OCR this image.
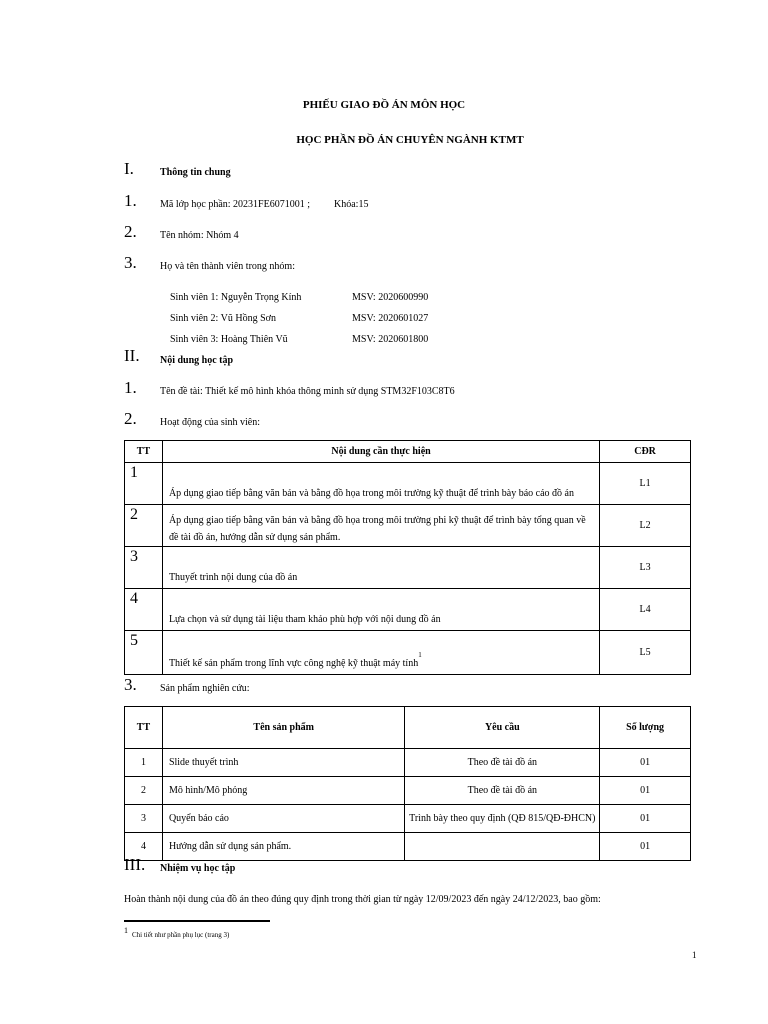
PHIẾU GIAO ĐỒ ÁN MÔN HỌC
HỌC PHẦN ĐỒ ÁN CHUYÊN NGÀNH KTMT
I.	Thông tin chung
1. Mã lớp học phần: 20231FE6071001 ; Khóa:15
2. Tên nhóm: Nhóm 4
3. Họ và tên thành viên trong nhóm:
Sinh viên 1: Nguyễn Trọng Kính	MSV: 2020600990
Sinh viên 2: Vũ Hồng Sơn	MSV: 2020601027
Sinh viên 3: Hoàng Thiên Vũ	MSV: 2020601800
II. Nội dung học tập
1. Tên đề tài: Thiết kế mô hình khóa thông minh sử dụng STM32F103C8T6
2. Hoạt động của sinh viên:
TT	Nội dung cần thực hiện	CĐR

1	Áp dụng giao tiếp bằng văn bản và bằng đồ họa trong môi trường kỹ thuật để trình bày báo cáo đồ án	L1

2	Áp dụng giao tiếp bằng văn bản và bằng đồ họa trong môi trường phi kỹ thuật để trình bày tổng quan về đề tài đồ án, hướng dẫn sử dụng sản phẩm.	L2

3	Thuyết trình nội dung của đồ án	L3

4	Lựa chọn và sử dụng tài liệu tham khảo phù hợp với nội dung đồ án	L4

5	Thiết kế sản phẩm trong lĩnh vực công nghệ kỹ thuật máy tính$^1$	L5
3. Sản phẩm nghiên cứu:
TT	Tên sản phẩm	Yêu cầu	Số lượng
1	Slide thuyết trình	Theo đề tài đồ án	01
2	Mô hình/Mô phỏng	Theo đề tài đồ án	01
3	Quyển báo cáo	Trình bày theo quy định (QĐ 815/QĐ-ĐHCN)	01
4	Hướng dẫn sử dụng sản phẩm.		01
III. Nhiệm vụ học tập
Hoàn thành nội dung của đồ án theo đúng quy định trong thời gian từ ngày 12/09/2023 đến ngày 24/12/2023, bao gồm:
1 Chi tiết như phần phụ lục (trang 3)
1
